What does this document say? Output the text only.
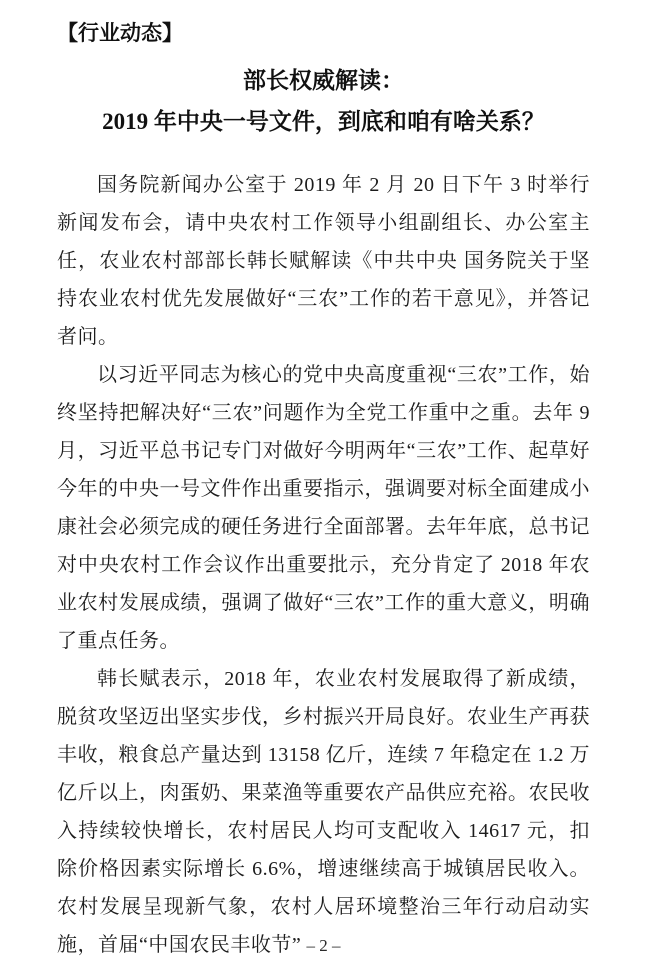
【行业动态】
部长权威解读：
2019 年中央一号文件，到底和咱有啥关系？

国务院新闻办公室于 2019 年 2 月 20 日下午 3 时举行新闻发布会，请中央农村工作领导小组副组长、办公室主任，农业农村部部长韩长赋解读《中共中央 国务院关于坚持农业农村优先发展做好“三农”工作的若干意见》，并答记者问。

以习近平同志为核心的党中央高度重视“三农”工作，始终坚持把解决好“三农”问题作为全党工作重中之重。去年 9 月，习近平总书记专门对做好今明两年“三农”工作、起草好今年的中央一号文件作出重要指示，强调要对标全面建成小康社会必须完成的硬任务进行全面部署。去年年底，总书记对中央农村工作会议作出重要批示，充分肯定了 2018 年农业农村发展成绩，强调了做好“三农”工作的重大意义，明确了重点任务。

韩长赋表示，2018 年，农业农村发展取得了新成绩，脱贫攻坚迈出坚实步伐，乡村振兴开局良好。农业生产再获丰收，粮食总产量达到 13158 亿斤，连续 7 年稳定在 1.2 万亿斤以上，肉蛋奶、果菜渔等重要农产品供应充裕。农民收入持续较快增长，农村居民人均可支配收入 14617 元，扣除价格因素实际增长 6.6%，增速继续高于城镇居民收入。农村发展呈现新气象，农村人居环境整治三年行动启动实施，首届“中国农民丰收节” – 2 –
